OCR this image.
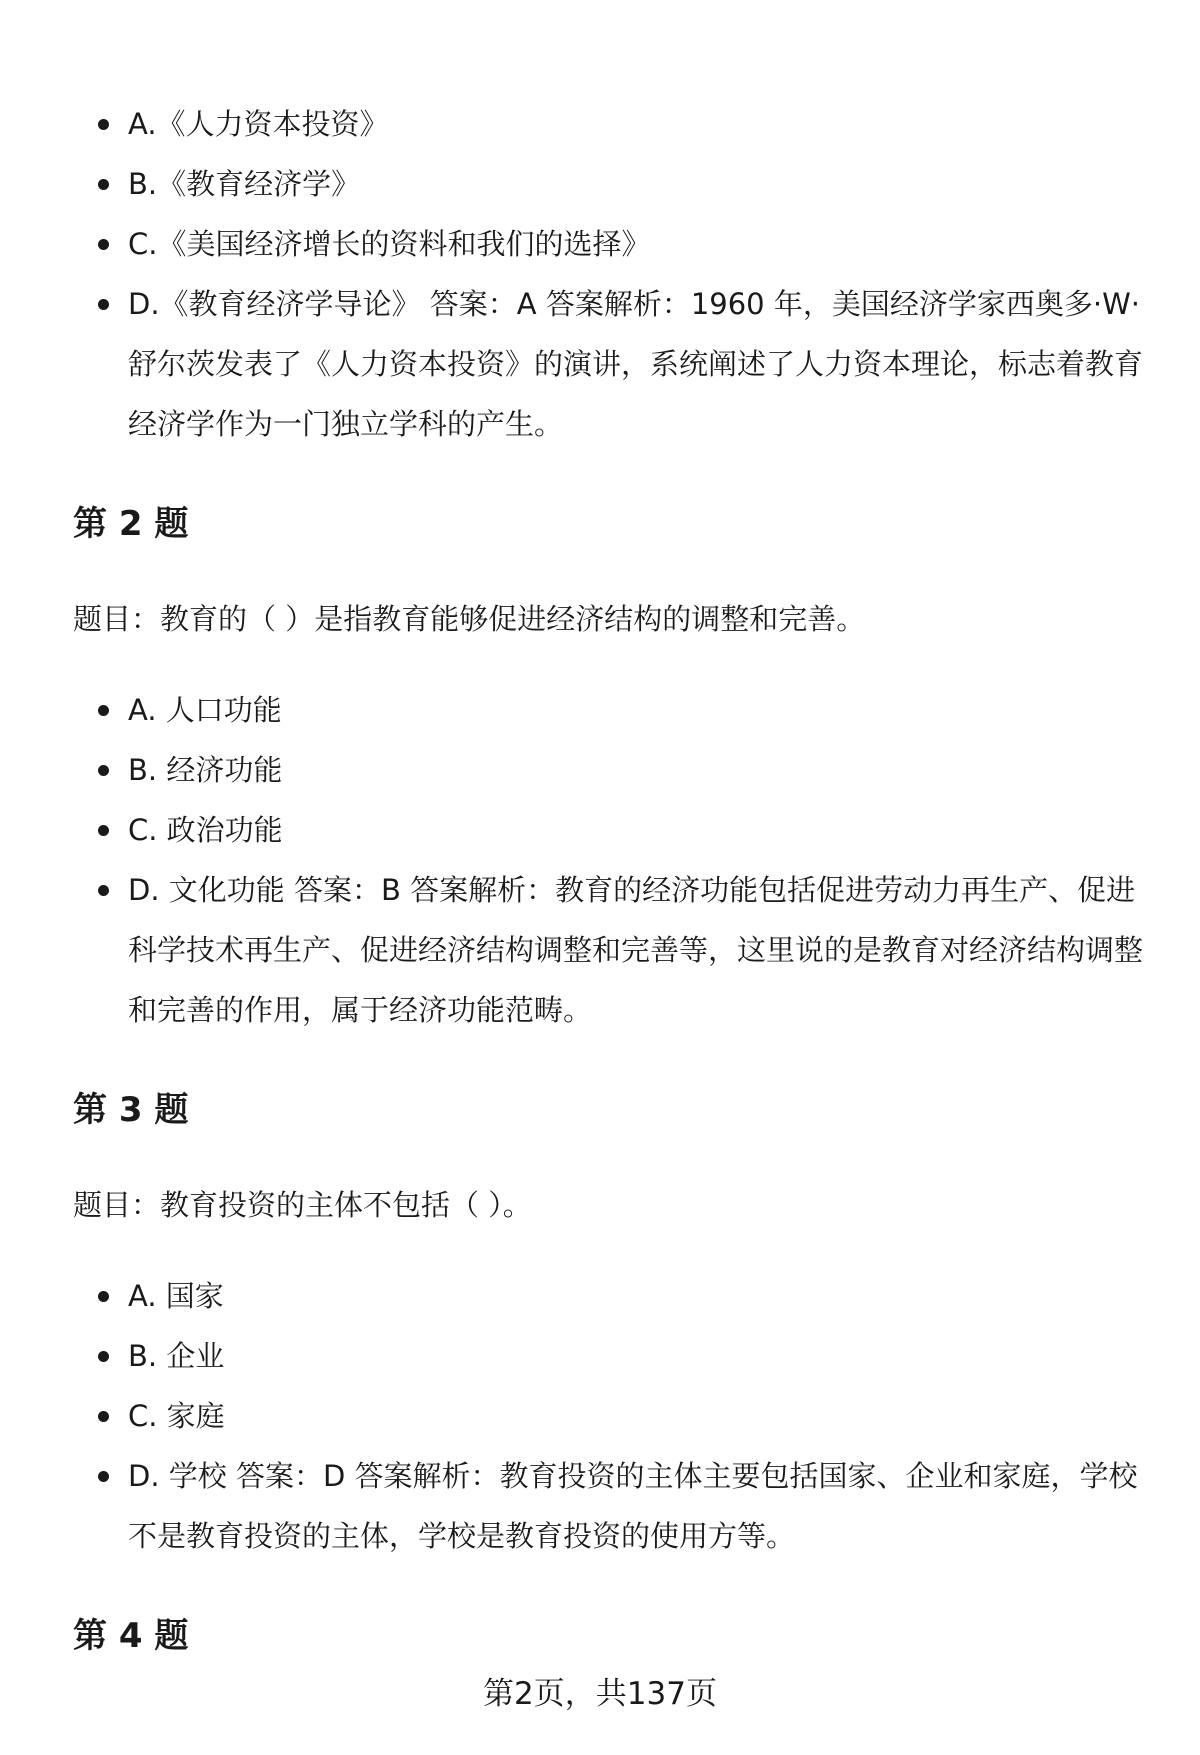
A.《人力资本投资》
B.《教育经济学》
C.《美国经济增长的资料和我们的选择》
D.《教育经济学导论》 答案：A 答案解析：1960 年，美国经济学家西奥多·W·舒尔茨发表了《人力资本投资》的演讲，系统阐述了人力资本理论，标志着教育经济学作为一门独立学科的产生。
第 2 题

题目：教育的（ ）是指教育能够促进经济结构的调整和完善。

A. 人口功能
B. 经济功能
C. 政治功能
D. 文化功能 答案：B 答案解析：教育的经济功能包括促进劳动力再生产、促进科学技术再生产、促进经济结构调整和完善等，这里说的是教育对经济结构调整和完善的作用，属于经济功能范畴。
第 3 题

题目：教育投资的主体不包括（ ）。

A. 国家
B. 企业
C. 家庭
D. 学校 答案：D 答案解析：教育投资的主体主要包括国家、企业和家庭，学校不是教育投资的主体，学校是教育投资的使用方等。
第 4 题
第2页，共137页
